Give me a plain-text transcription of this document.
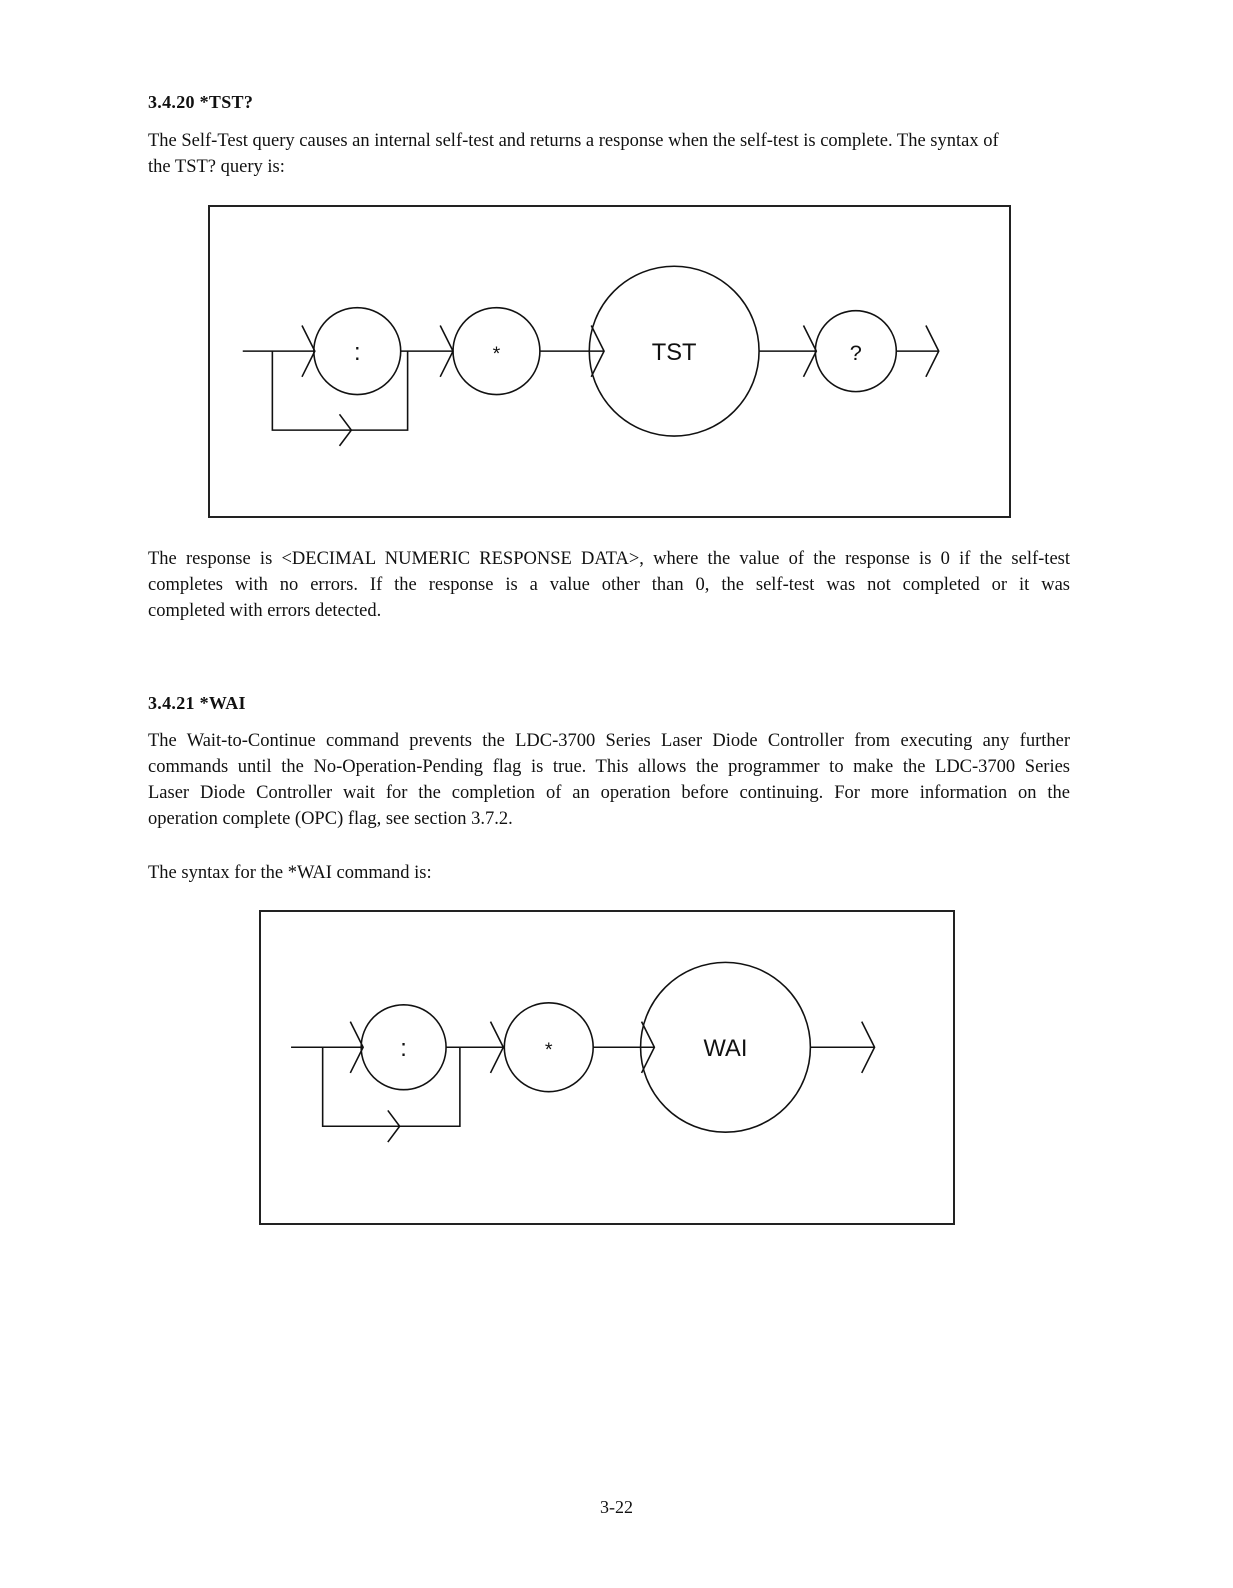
3.4.20 *TST?
The Self-Test query causes an internal self-test and returns a response when the self-test is complete. The syntax of
the TST? query is:
:	*	TST	?
The response is <DECIMAL NUMERIC RESPONSE DATA>, where the value of the response is 0 if the self-test
completes with no errors. If the response is a value other than 0, the self-test was not completed or it was
completed with errors detected.
3.4.21 *WAI
The Wait-to-Continue command prevents the LDC-3700 Series Laser Diode Controller from executing any further
commands until the No-Operation-Pending flag is true. This allows the programmer to make the LDC-3700 Series
Laser Diode Controller wait for the completion of an operation before continuing. For more information on the
operation complete (OPC) flag, see section 3.7.2.
The syntax for the *WAI command is:
:	*	WAI
3-22
